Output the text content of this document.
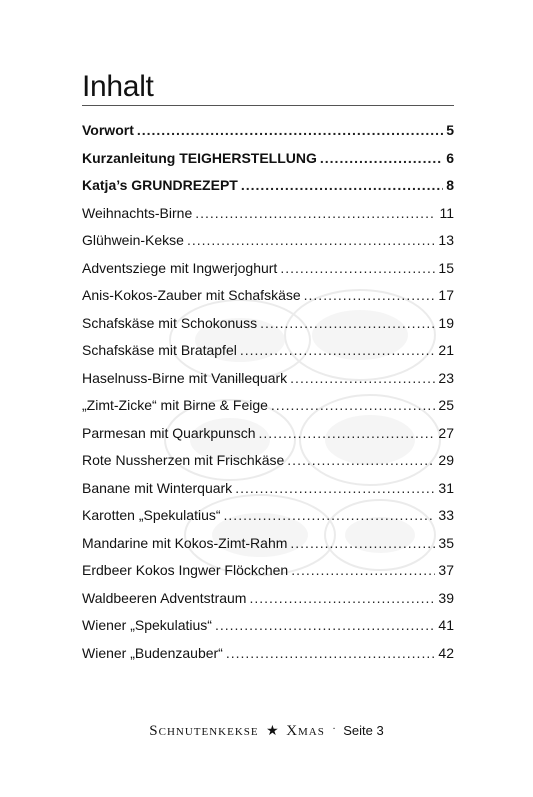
Inhalt
Vorwort .....	5
Kurzanleitung TEIGHERSTELLUNG .....	6
Katja’s GRUNDREZEPT .....	8
Weihnachts-Birne .....	11
Glühwein-Kekse .....	13
Adventsziege mit Ingwerjoghurt .....	15
Anis-Kokos-Zauber mit Schafskäse .....	17
Schafskäse mit Schokonuss .....	19
Schafskäse mit Bratapfel .....	21
Haselnuss-Birne mit Vanillequark .....	23
„Zimt-Zicke“ mit Birne & Feige .....	25
Parmesan mit Quarkpunsch .....	27
Rote Nussherzen mit Frischkäse .....	29
Banane mit Winterquark .....	31
Karotten „Spekulatius“ .....	33
Mandarine mit Kokos-Zimt-Rahm .....	35
Erdbeer Kokos Ingwer Flöckchen .....	37
Waldbeeren Adventstraum .....	39
Wiener „Spekulatius“ .....	41
Wiener „Budenzauber“ .....	42
Schnutenkekse ★ Xmas · Seite 3
